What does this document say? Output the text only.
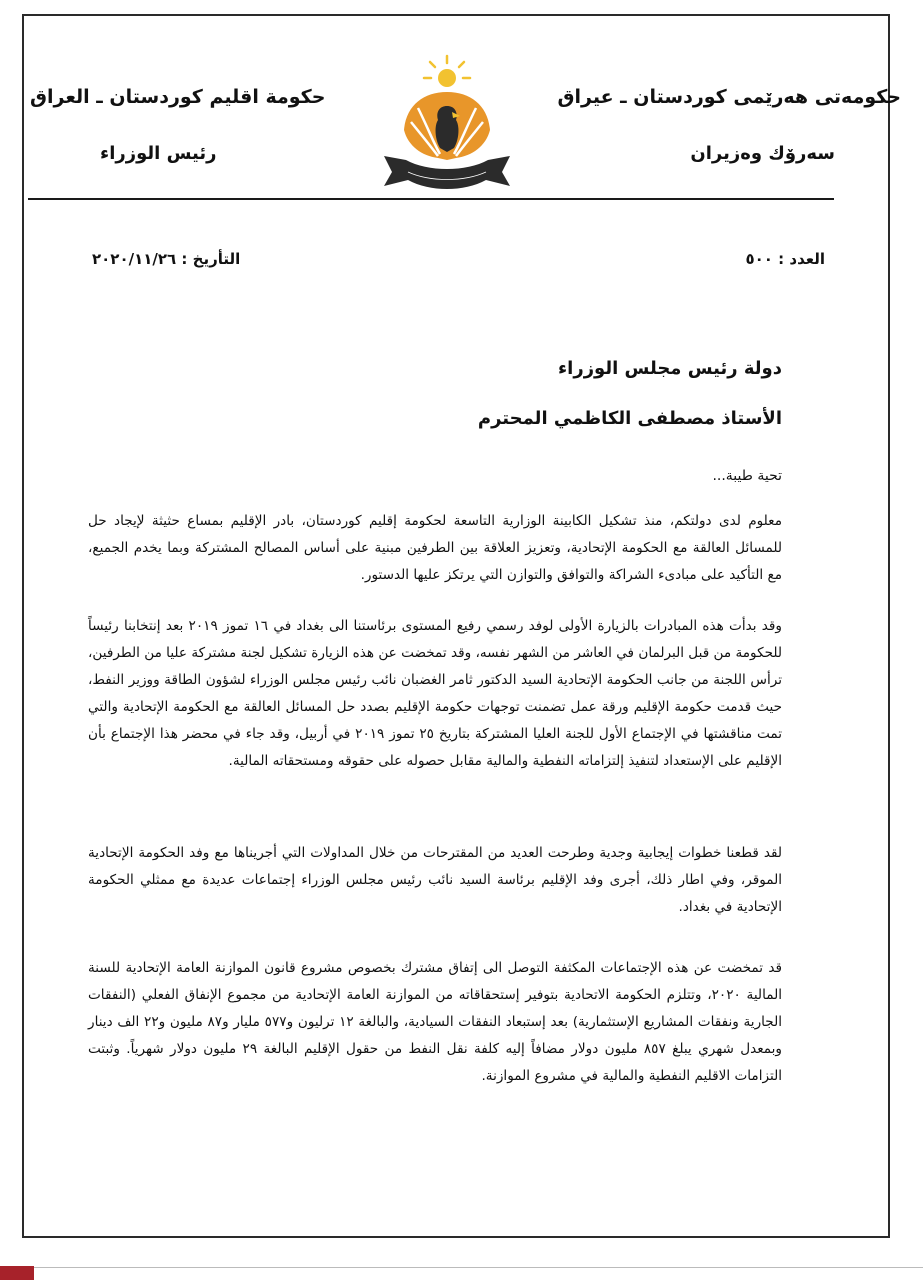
حكومەتی هەرێمی کوردستان ـ عیراق
سەرۆك وەزیران
حكومة اقليم كوردستان ـ العراق
رئيس الوزراء
العدد : ٥٠٠
التأريخ : ٢٠٢٠/١١/٢٦
دولة رئيس مجلس الوزراء
الأستاذ مصطفى الكاظمي المحترم
تحية طيبة...
معلوم لدى دولتكم، منذ تشكيل الكابينة الوزارية التاسعة لحكومة إقليم كوردستان، بادر الإقليم بمساع حثيثة لإيجاد حل للمسائل العالقة مع الحكومة الإتحادية، وتعزيز العلاقة بين الطرفين مبنية على أساس المصالح المشتركة وبما يخدم الجميع، مع التأكيد على مبادىء الشراكة والتوافق والتوازن التي يرتكز عليها الدستور.
وقد بدأت هذه المبادرات بالزيارة الأولى لوفد رسمي رفيع المستوى برئاستنا الى بغداد في ١٦ تموز ٢٠١٩ بعد إنتخابنا رئيساً للحكومة من قبل البرلمان في العاشر من الشهر نفسه، وقد تمخضت عن هذه الزيارة تشكيل لجنة مشتركة عليا من الطرفين، ترأس اللجنة من جانب الحكومة الإتحادية السيد الدكتور ثامر الغضبان نائب رئيس مجلس الوزراء لشؤون الطاقة ووزير النفط، حيث قدمت حكومة الإقليم ورقة عمل تضمنت توجهات حكومة الإقليم بصدد حل المسائل العالقة مع الحكومة الإتحادية والتي تمت مناقشتها في الإجتماع الأول للجنة العليا المشتركة بتاريخ ٢٥ تموز ٢٠١٩ في أربيل، وقد جاء في محضر هذا الإجتماع بأن الإقليم على الإستعداد لتنفيذ إلتزاماته النفطية والمالية مقابل حصوله على حقوقه ومستحقاته المالية.
لقد قطعنا خطوات إيجابية وجدية وطرحت العديد من المقترحات من خلال المداولات التي أجريناها مع وفد الحكومة الإتحادية الموقر، وفي اطار ذلك، أجرى وفد الإقليم برئاسة السيد نائب رئيس مجلس الوزراء إجتماعات عديدة مع ممثلي الحكومة الإتحادية في بغداد.
قد تمخضت عن هذه الإجتماعات المكثفة التوصل الى إتفاق مشترك بخصوص مشروع قانون الموازنة العامة الإتحادية للسنة المالية ٢٠٢٠، وتتلزم الحكومة الاتحادية بتوفير إستحقاقاته من الموازنة العامة الإتحادية من مجموع الإنفاق الفعلي (النفقات الجارية ونفقات المشاريع الإستثمارية) بعد إستبعاد النفقات السيادية، والبالغة ١٢ ترليون و٥٧٧ مليار و٨٧ مليون و٢٢ الف دينار وبمعدل شهري يبلغ ٨٥٧ مليون دولار مضافاً إليه كلفة نقل النفط من حقول الإقليم البالغة ٢٩ مليون دولار شهرياً. وثبتت التزامات الاقليم النفطية والمالية في مشروع الموازنة.
